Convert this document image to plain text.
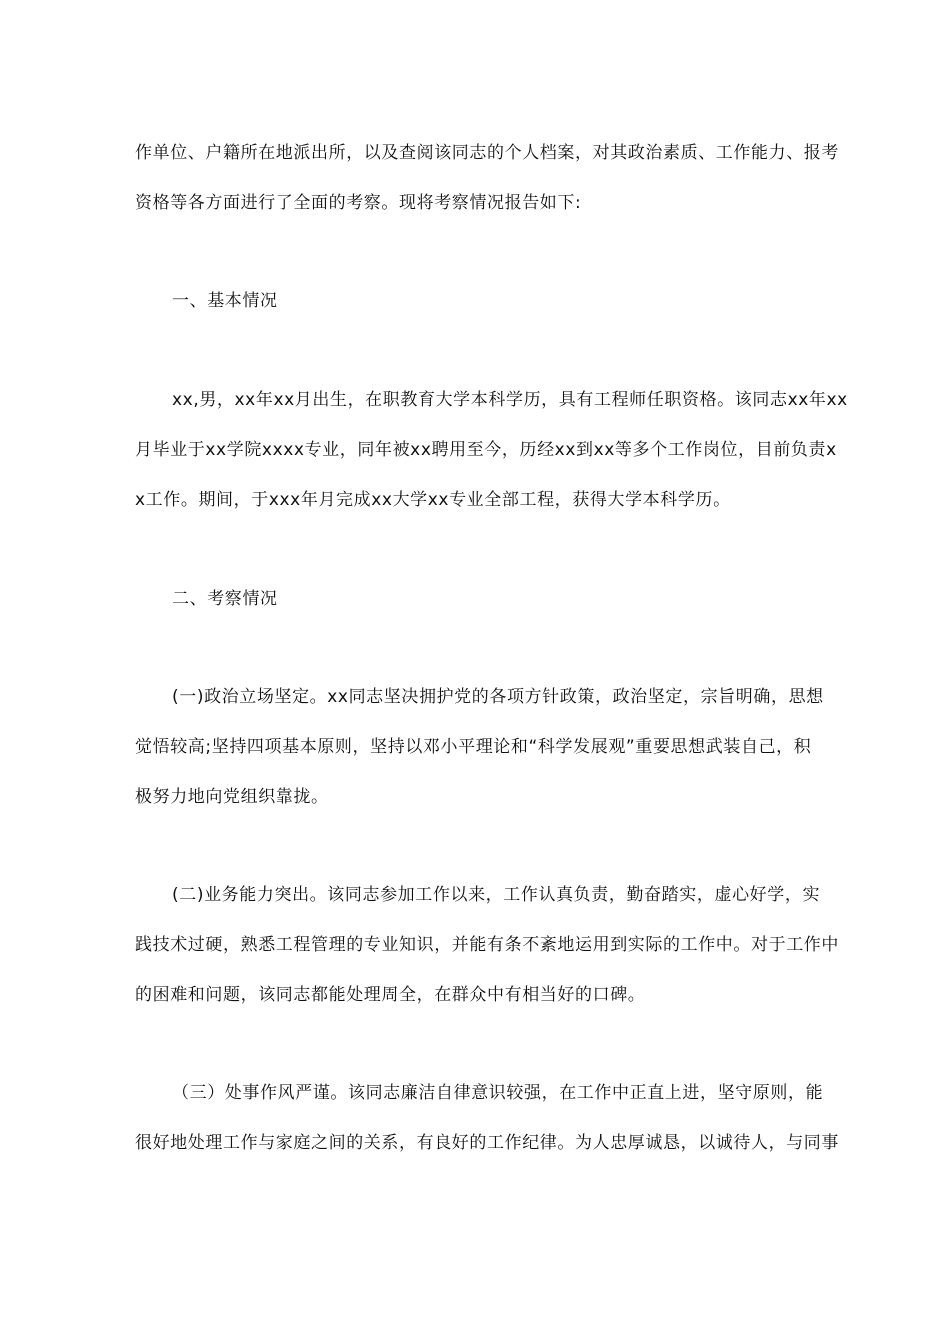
作单位、户籍所在地派出所，以及查阅该同志的个人档案，对其政治素质、工作能力、报考
资格等各方面进行了全面的考察。现将考察情况报告如下:
一、基本情况
xx,男，xx年xx月出生，在职教育大学本科学历，具有工程师任职资格。该同志xx年xx
月毕业于xx学院xxxx专业，同年被xx聘用至今，历经xx到xx等多个工作岗位，目前负责x
x工作。期间，于xxx年月完成xx大学xx专业全部工程，获得大学本科学历。
二、考察情况
(一)政治立场坚定。xx同志坚决拥护党的各项方针政策，政治坚定，宗旨明确，思想
觉悟较高;坚持四项基本原则，坚持以邓小平理论和“科学发展观”重要思想武装自己，积
极努力地向党组织靠拢。
(二)业务能力突出。该同志参加工作以来，工作认真负责，勤奋踏实，虚心好学，实
践技术过硬，熟悉工程管理的专业知识，并能有条不紊地运用到实际的工作中。对于工作中
的困难和问题，该同志都能处理周全，在群众中有相当好的口碑。
（三）处事作风严谨。该同志廉洁自律意识较强，在工作中正直上进，坚守原则，能
很好地处理工作与家庭之间的关系，有良好的工作纪律。为人忠厚诚恳，以诚待人，与同事
